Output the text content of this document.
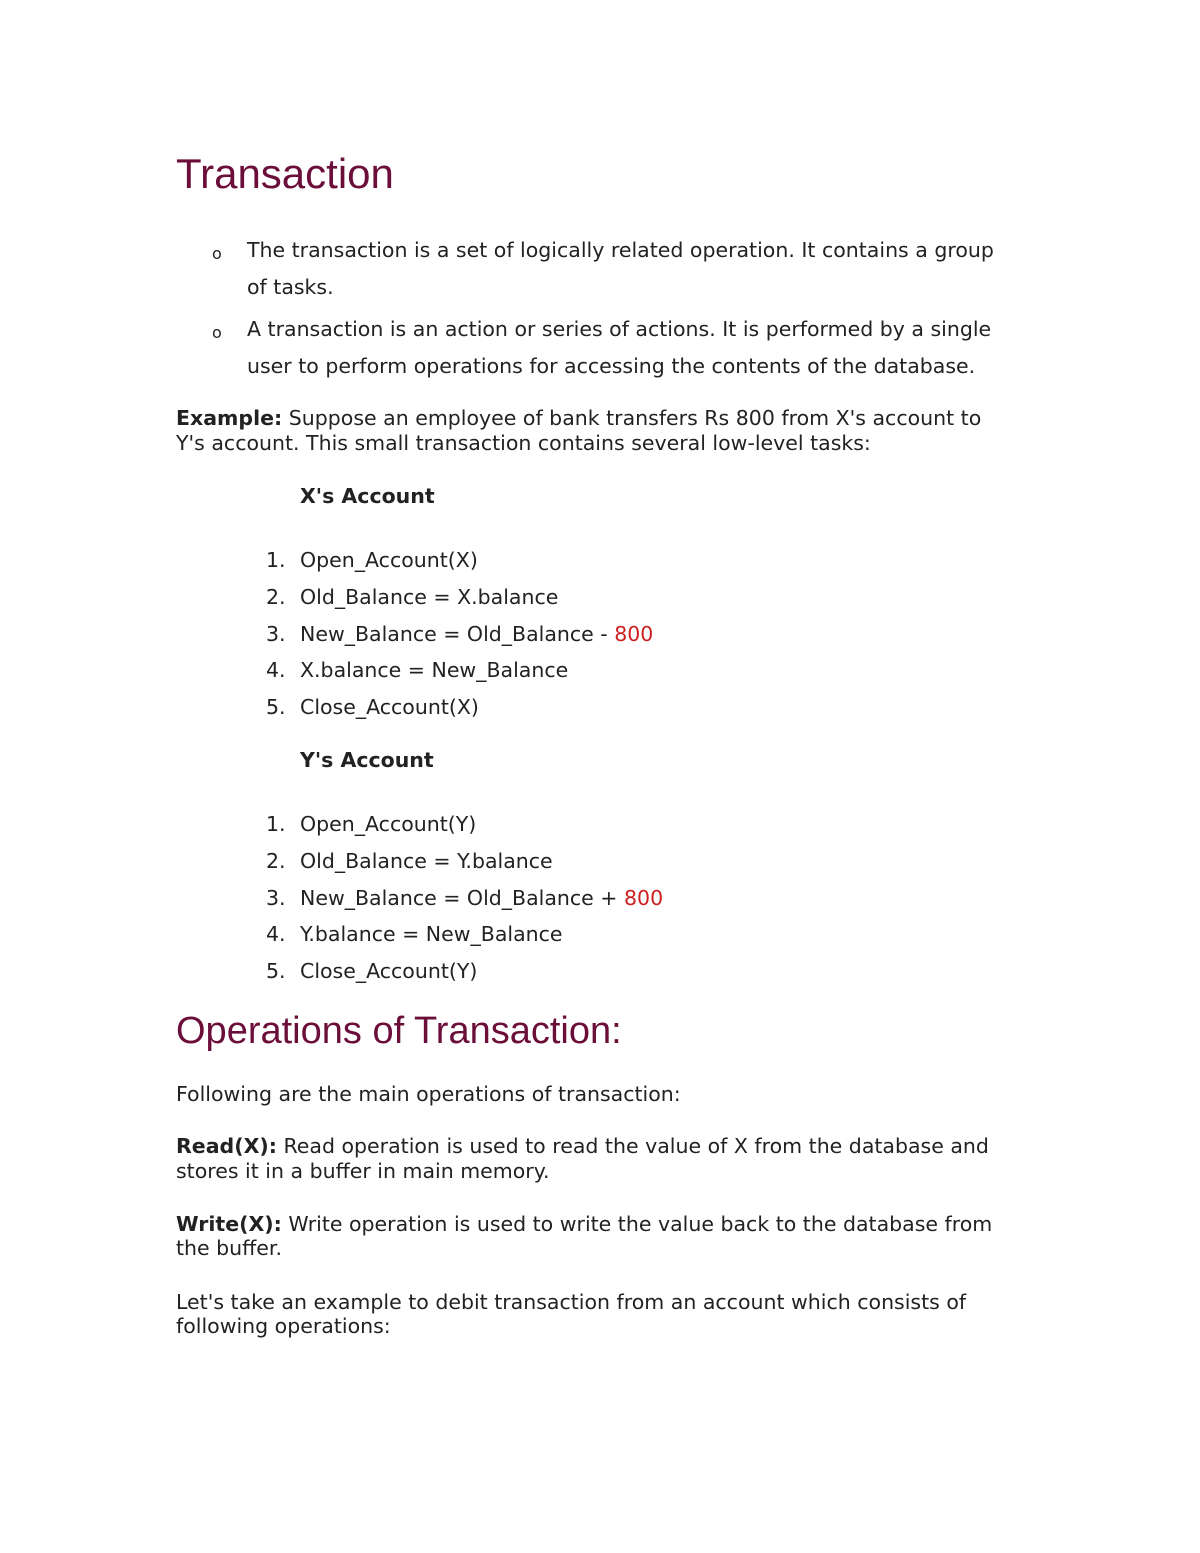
Transaction
o The transaction is a set of logically related operation. It contains a group
of tasks.
o A transaction is an action or series of actions. It is performed by a single
user to perform operations for accessing the contents of the database.

Example: Suppose an employee of bank transfers Rs 800 from X's account to

Y's account. This small transaction contains several low-level tasks:

X's Account
1. Open_Account(X)
2. Old_Balance = X.balance
3. New_Balance = Old_Balance - 800
4. X.balance = New_Balance
5. Close_Account(X)
Y's Account
1. Open_Account(Y)
2. Old_Balance = Y.balance
3. New_Balance = Old_Balance + 800
4. Y.balance = New_Balance
5. Close_Account(Y)
Operations of Transaction:

Following are the main operations of transaction:

Read(X): Read operation is used to read the value of X from the database and

stores it in a buffer in main memory.

Write(X): Write operation is used to write the value back to the database from

the buffer.

Let's take an example to debit transaction from an account which consists of

following operations:
